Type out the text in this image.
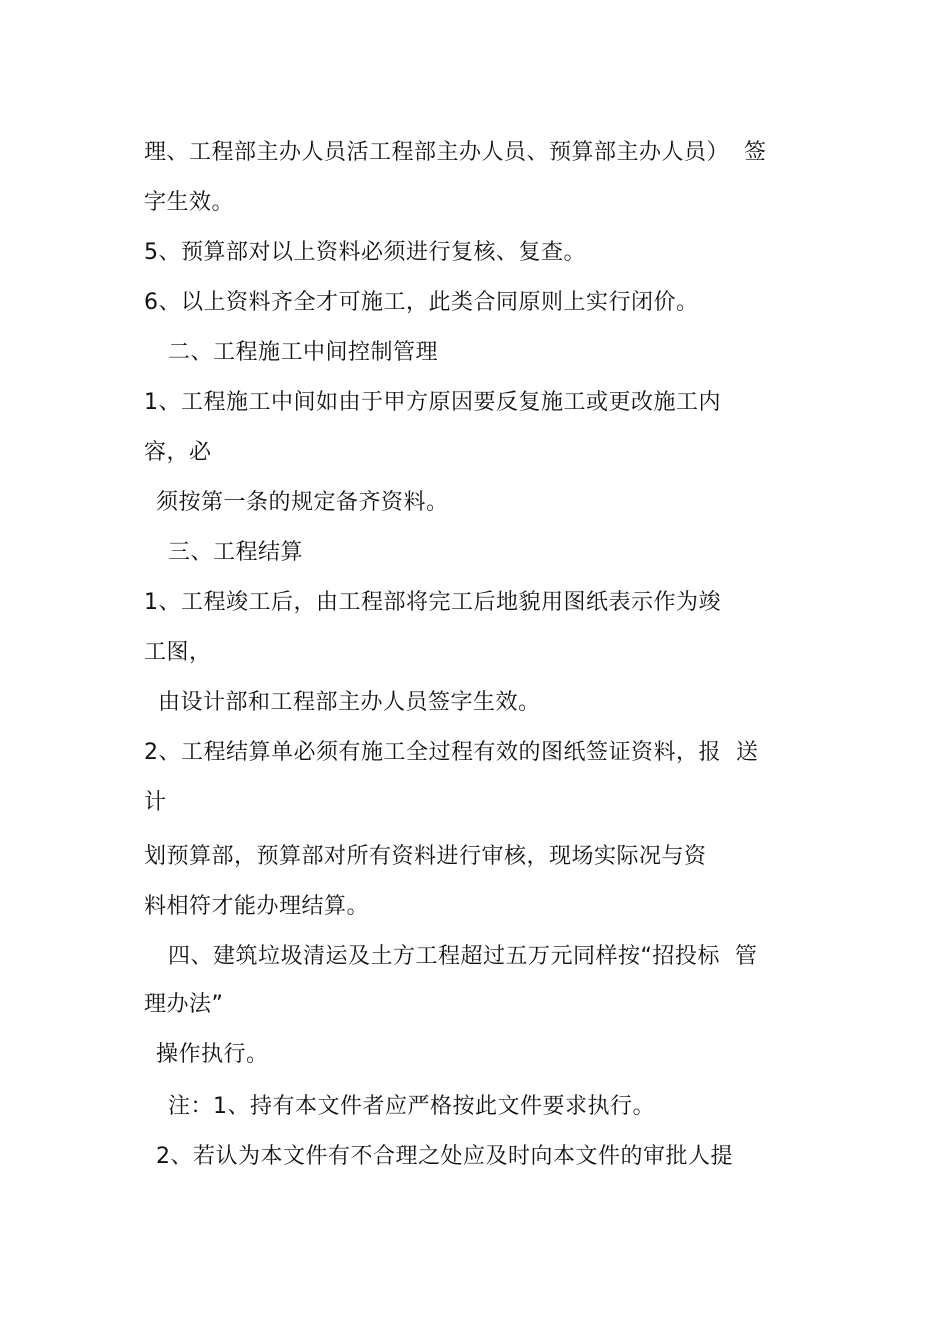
理、工程部主办人员活工程部主办人员、预算部主办人员）  签
字生效。
5、预算部对以上资料必须进行复核、复查。
6、以上资料齐全才可施工，此类合同原则上实行闭价。
二、工程施工中间控制管理
1、工程施工中间如由于甲方原因要反复施工或更改施工内
容，必
须按第一条的规定备齐资料。
三、工程结算
1、工程竣工后，由工程部将完工后地貌用图纸表示作为竣
工图，
由设计部和工程部主办人员签字生效。
2、工程结算单必须有施工全过程有效的图纸签证资料，报  送
计
划预算部，预算部对所有资料进行审核，现场实际况与资
料相符才能办理结算。
四、建筑垃圾清运及土方工程超过五万元同样按“招投标  管
理办法”
操作执行。
注：1、持有本文件者应严格按此文件要求执行。
2、若认为本文件有不合理之处应及时向本文件的审批人提
